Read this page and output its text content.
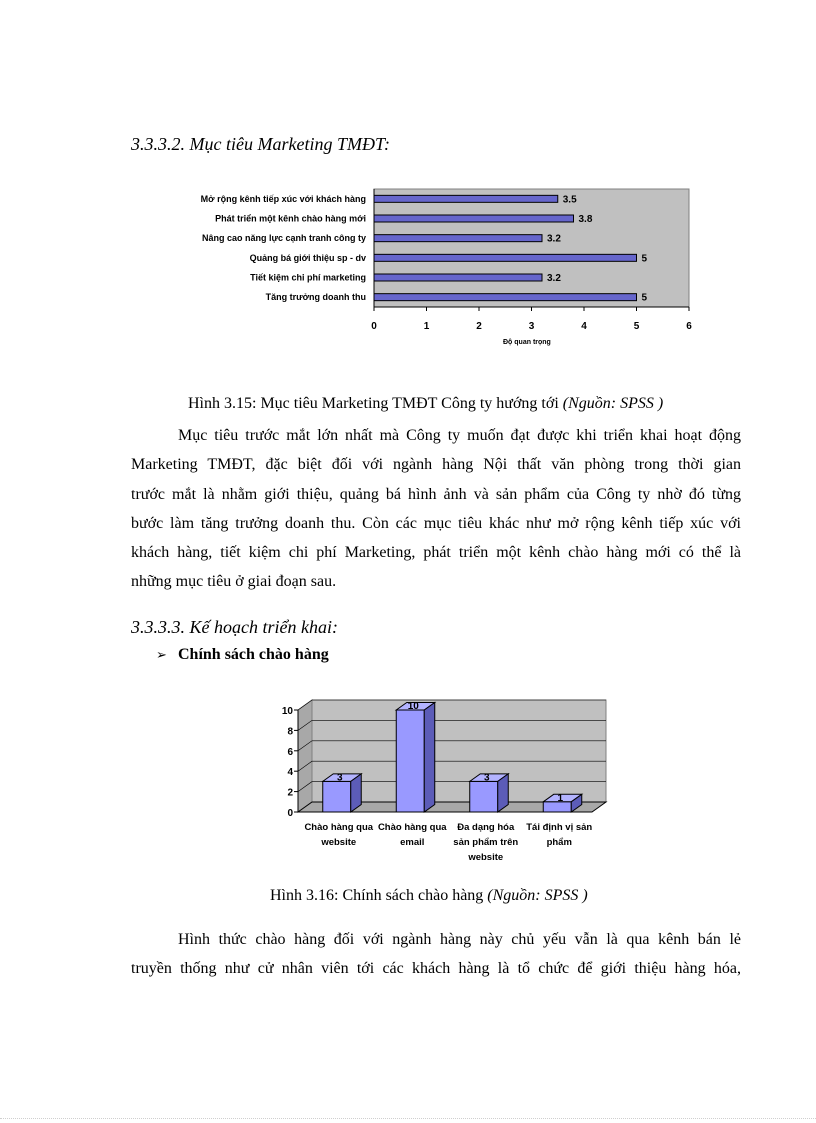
3.3.3.2. Mục tiêu Marketing TMĐT:
3.5
Mở rộng kênh tiếp xúc với khách hàng
3.8
Phát triển một kênh chào hàng mới
3.2
Nâng cao năng lực cạnh tranh công ty
5
Quảng bá giới thiệu sp - dv
3.2
Tiết kiệm chi phí marketing
5
Tăng trưởng doanh thu
0	1	2	3	4	5	6
Độ quan trọng
Hình 3.15: Mục tiêu Marketing TMĐT Công ty hướng tới (Nguồn: SPSS )
Mục tiêu trước mắt lớn nhất mà Công ty muốn đạt được khi triển khai hoạt động
Marketing TMĐT, đặc biệt đối với ngành hàng Nội thất văn phòng trong thời gian
trước mắt là nhằm giới thiệu, quảng bá hình ảnh và sản phẩm của Công ty nhờ đó từng
bước làm tăng trưởng doanh thu. Còn các mục tiêu khác như mở rộng kênh tiếp xúc với
khách hàng, tiết kiệm chi phí Marketing, phát triển một kênh chào hàng mới có thể là
những mục tiêu ở giai đoạn sau.
3.3.3.3. Kế hoạch triển khai:
➢ Chính sách chào hàng
0
2
4
6
8
10
3
Chào hàng qua
website
10
Chào hàng qua
email
3
Đa dạng hóa
sản phẩm trên
website
1
Tái định vị sản
phẩm
Hình 3.16: Chính sách chào hàng (Nguồn: SPSS )
Hình thức chào hàng đối với ngành hàng này chủ yếu vẫn là qua kênh bán lẻ
truyền thống như cử nhân viên tới các khách hàng là tổ chức để giới thiệu hàng hóa,
